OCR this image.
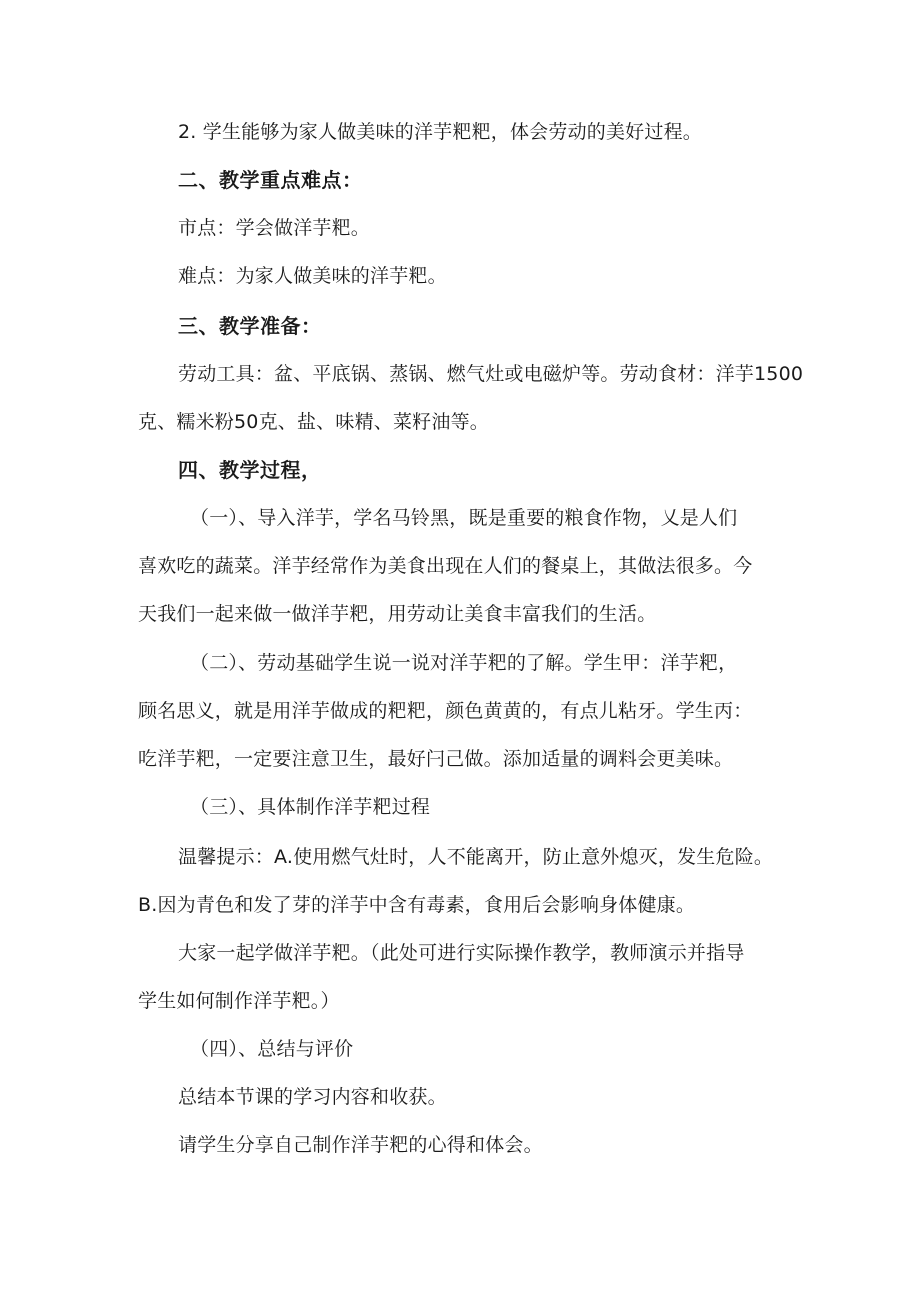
2. 学生能够为家人做美味的洋芋粑粑，体会劳动的美好过程。
二、教学重点难点：
市点：学会做洋芋粑。
难点：为家人做美味的洋芋粑。
三、教学准备：
劳动工具：盆、平底锅、蒸锅、燃气灶或电磁炉等。劳动食材：洋芋1500
克、糯米粉50克、盐、味精、菜籽油等。
四、教学过程，
（一）、导入洋芋，学名马铃黑，既是重要的粮食作物，乂是人们
喜欢吃的蔬菜。洋芋经常作为美食出现在人们的餐桌上，其做法很多。今
天我们一起来做一做洋芋粑，用劳动让美食丰富我们的生活。
（二）、劳动基础学生说一说对洋芋粑的了解。学生甲：洋芋粑，
顾名思义，就是用洋芋做成的粑粑，颜色黄黄的，有点儿粘牙。学生丙：
吃洋芋粑，一定要注意卫生，最好闩己做。添加适量的调料会更美味。
（三）、具体制作洋芋粑过程
温馨提示：A.使用燃气灶时，人不能离开，防止意外熄灭，发生危险。
B.因为青色和发了芽的洋芋中含有毒素，食用后会影响身体健康。
大家一起学做洋芋粑。（此处可进行实际操作教学，教师演示并指导
学生如何制作洋芋粑。）
（四）、总结与评价
总结本节课的学习内容和收获。
请学生分享自己制作洋芋粑的心得和体会。
